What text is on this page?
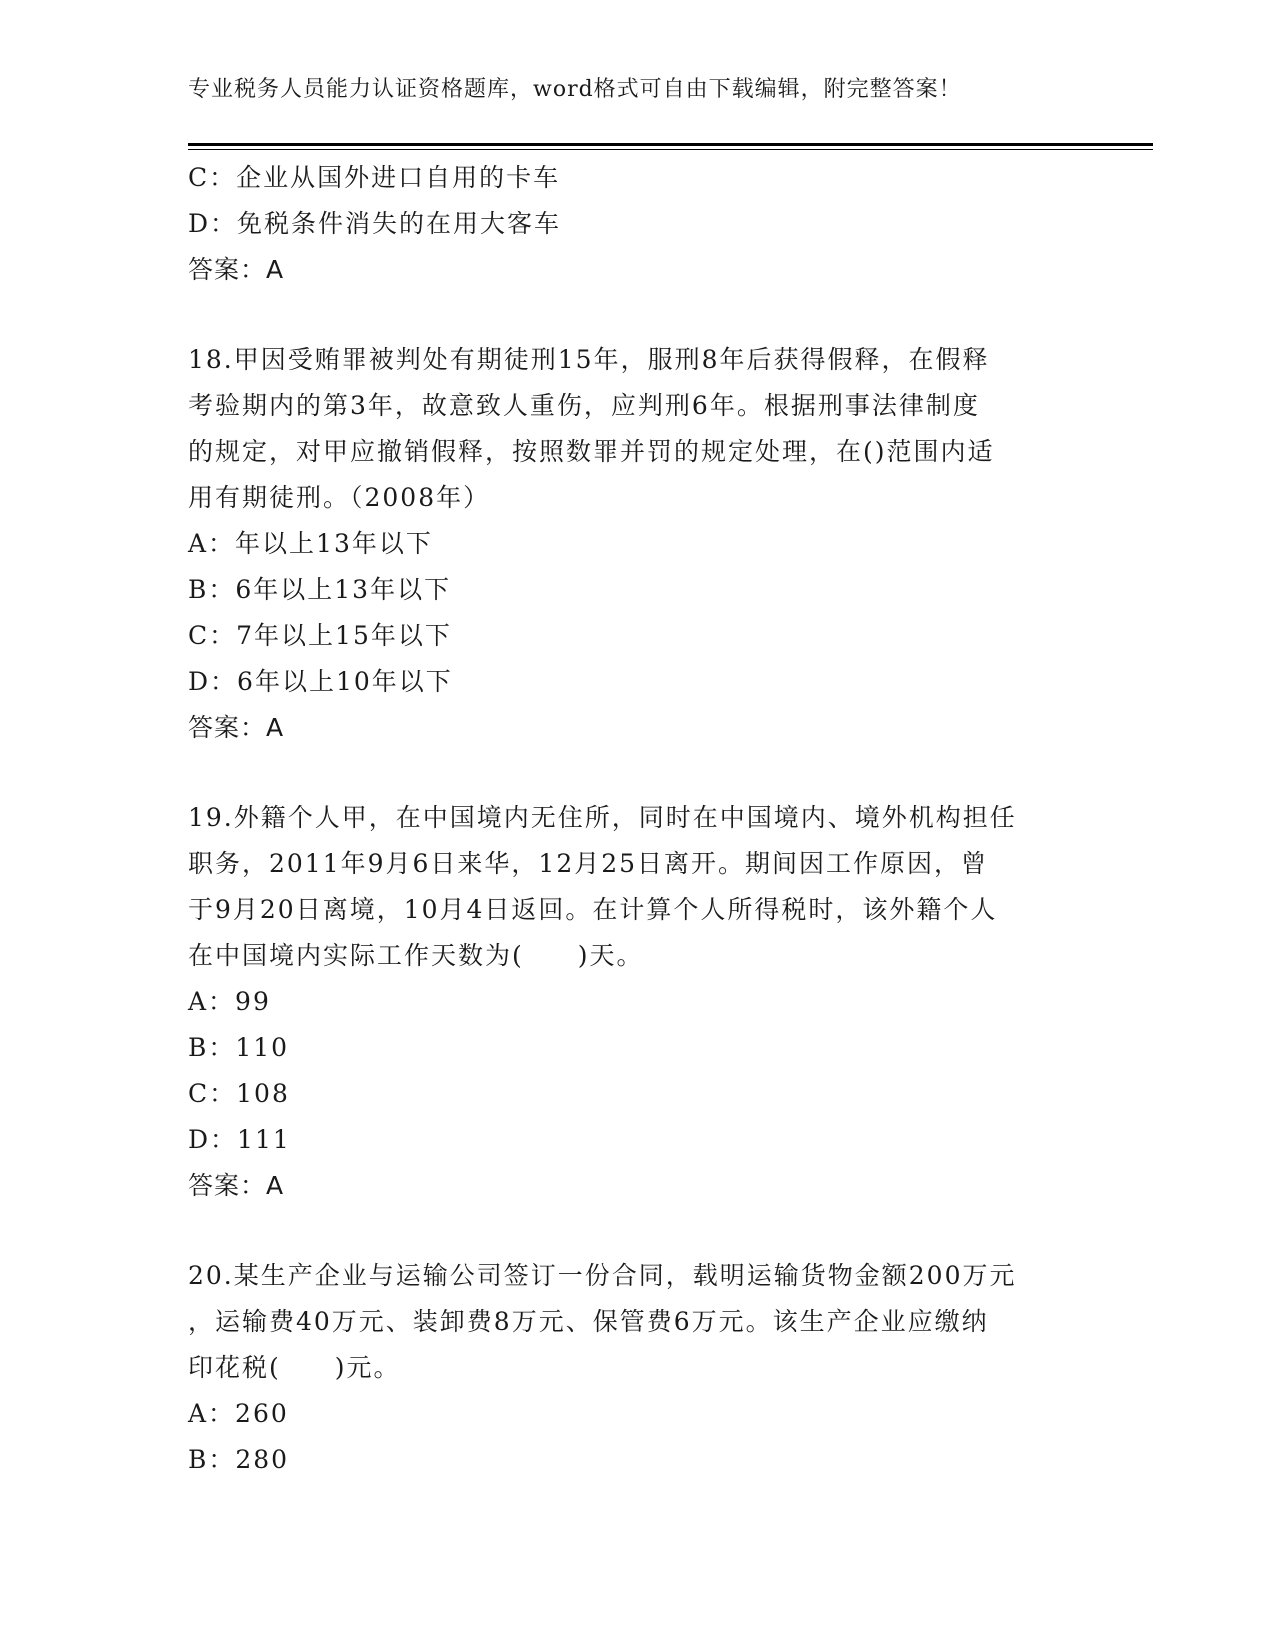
专业税务人员能力认证资格题库，word格式可自由下载编辑，附完整答案！
C：企业从国外进口自用的卡车
D：免税条件消失的在用大客车
答案：A
18.甲因受贿罪被判处有期徒刑15年，服刑8年后获得假释，在假释
考验期内的第3年，故意致人重伤，应判刑6年。根据刑事法律制度
的规定，对甲应撤销假释，按照数罪并罚的规定处理，在()范围内适
用有期徒刑。（2008年）
A：年以上13年以下
B：6年以上13年以下
C：7年以上15年以下
D：6年以上10年以下
答案：A
19.外籍个人甲，在中国境内无住所，同时在中国境内、境外机构担任
职务，2011年9月6日来华，12月25日离开。期间因工作原因，曾
于9月20日离境，10月4日返回。在计算个人所得税时，该外籍个人
在中国境内实际工作天数为(　　)天。
A：99
B：110
C：108
D：111
答案：A
20.某生产企业与运输公司签订一份合同，载明运输货物金额200万元
，运输费40万元、装卸费8万元、保管费6万元。该生产企业应缴纳
印花税(　　)元。
A：260
B：280
